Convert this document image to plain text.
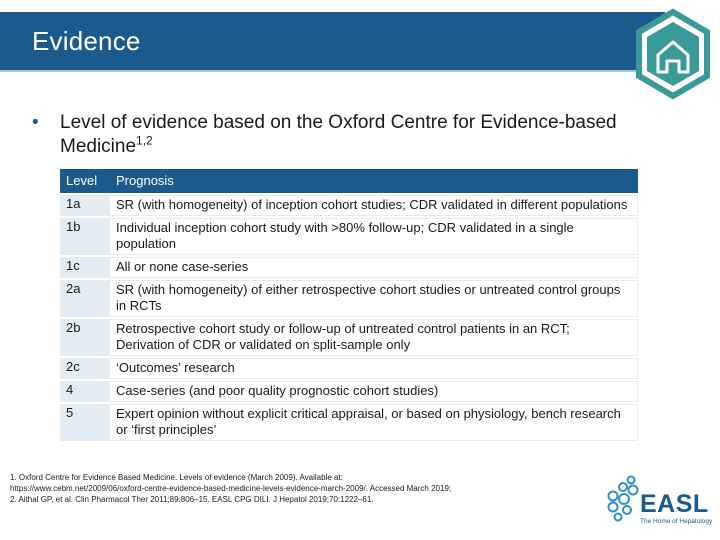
Evidence
• Level of evidence based on the Oxford Centre for Evidence-based Medicine$^{1,2}$
Level	Prognosis
1a	SR (with homogeneity) of inception cohort studies; CDR validated in different populations
1b	Individual inception cohort study with >80% follow-up; CDR validated in a single population
1c	All or none case-series
2a	SR (with homogeneity) of either retrospective cohort studies or untreated control groups in RCTs
2b	Retrospective cohort study or follow-up of untreated control patients in an RCT; Derivation of CDR or validated on split-sample only
2c	‘Outcomes’ research
4	Case-series (and poor quality prognostic cohort studies)
5	Expert opinion without explicit critical appraisal, or based on physiology, bench research or ‘first principles’
1. Oxford Centre for Evidence Based Medicine. Levels of evidence (March 2009). Available at:
https://www.cebm.net/2009/06/oxford-centre-evidence-based-medicine-levels-evidence-march-2009/. Accessed March 2019;
2. Aithal GP, et al. Clin Pharmacol Ther 2011;89:806–15. EASL CPG DILI. J Hepatol 2019;70:1222–61.	EASL
The Home of Hepatology
